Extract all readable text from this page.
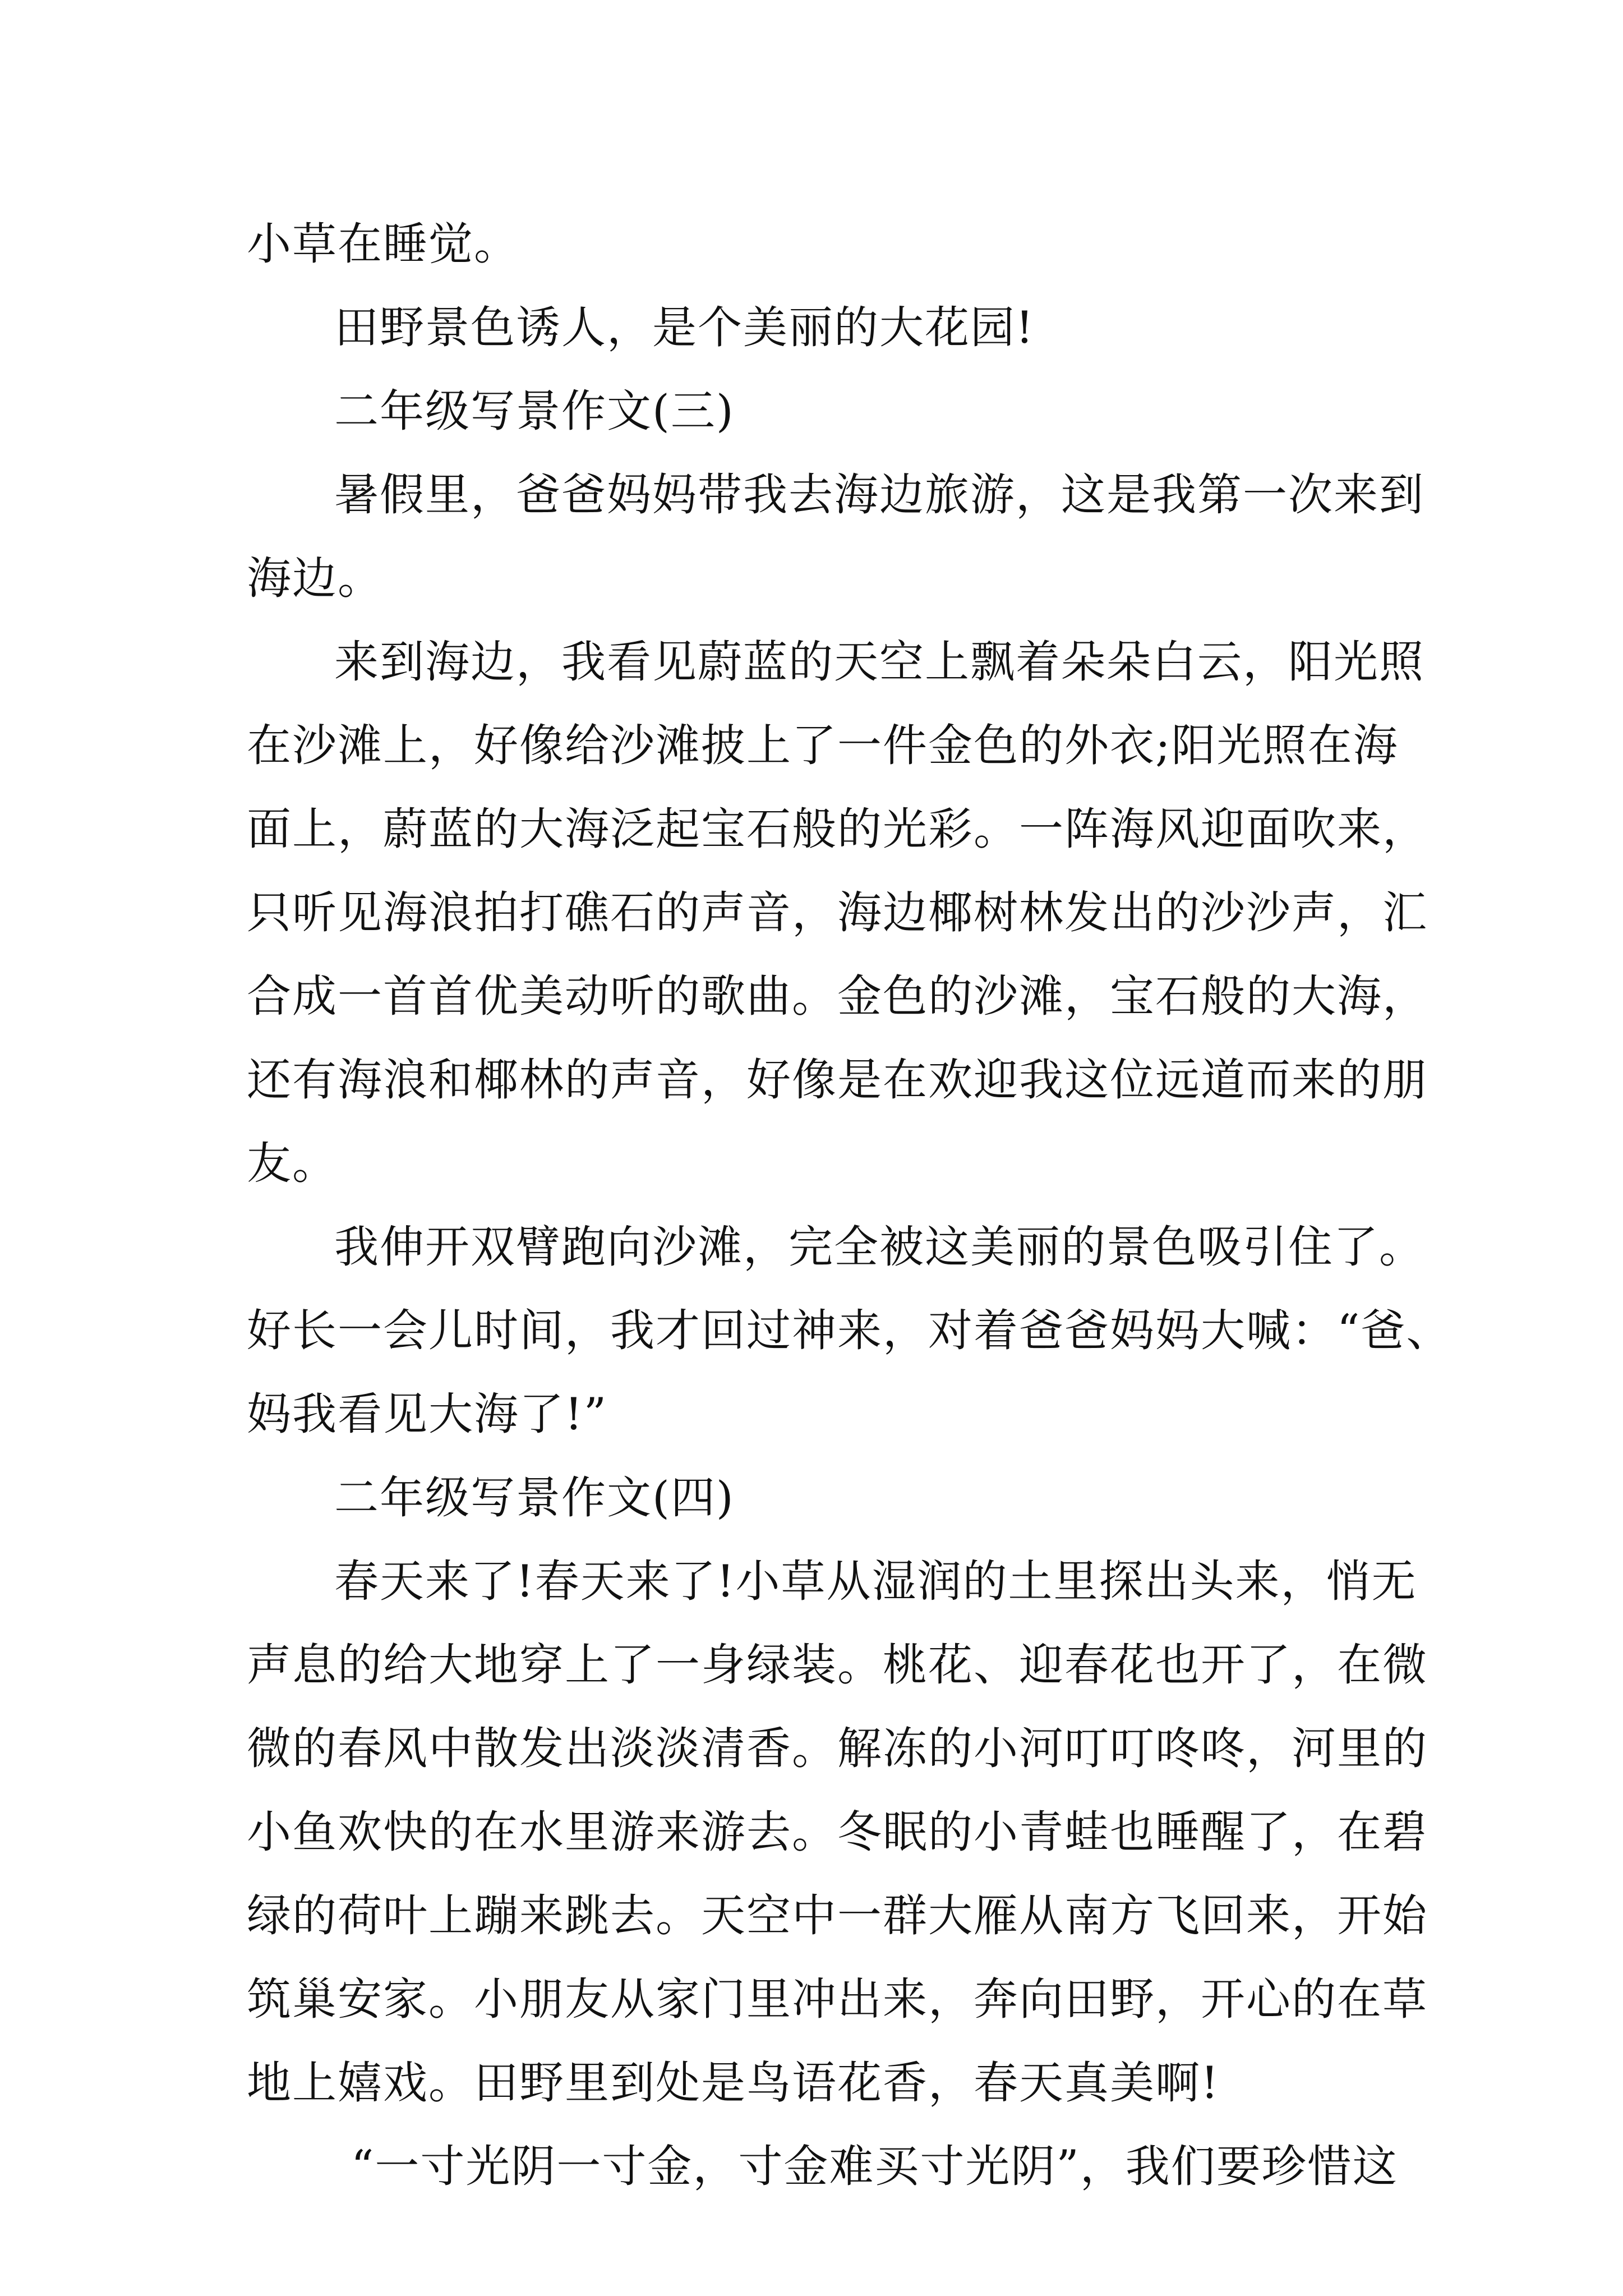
小草在睡觉。

田野景色诱人，是个美丽的大花园!

二年级写景作文(三)

暑假里，爸爸妈妈带我去海边旅游，这是我第一次来到

海边。

来到海边，我看见蔚蓝的天空上飘着朵朵白云，阳光照

在沙滩上，好像给沙滩披上了一件金色的外衣;阳光照在海

面上，蔚蓝的大海泛起宝石般的光彩。一阵海风迎面吹来，

只听见海浪拍打礁石的声音，海边椰树林发出的沙沙声，汇

合成一首首优美动听的歌曲。金色的沙滩，宝石般的大海，

还有海浪和椰林的声音，好像是在欢迎我这位远道而来的朋

友。

我伸开双臂跑向沙滩，完全被这美丽的景色吸引住了。

好长一会儿时间，我才回过神来，对着爸爸妈妈大喊：“爸、

妈我看见大海了!”

二年级写景作文(四)

春天来了!春天来了!小草从湿润的土里探出头来，悄无

声息的给大地穿上了一身绿装。桃花、迎春花也开了，在微

微的春风中散发出淡淡清香。解冻的小河叮叮咚咚，河里的

小鱼欢快的在水里游来游去。冬眠的小青蛙也睡醒了，在碧

绿的荷叶上蹦来跳去。天空中一群大雁从南方飞回来，开始

筑巢安家。小朋友从家门里冲出来，奔向田野，开心的在草

地上嬉戏。田野里到处是鸟语花香，春天真美啊!

“一寸光阴一寸金，寸金难买寸光阴”，我们要珍惜这
